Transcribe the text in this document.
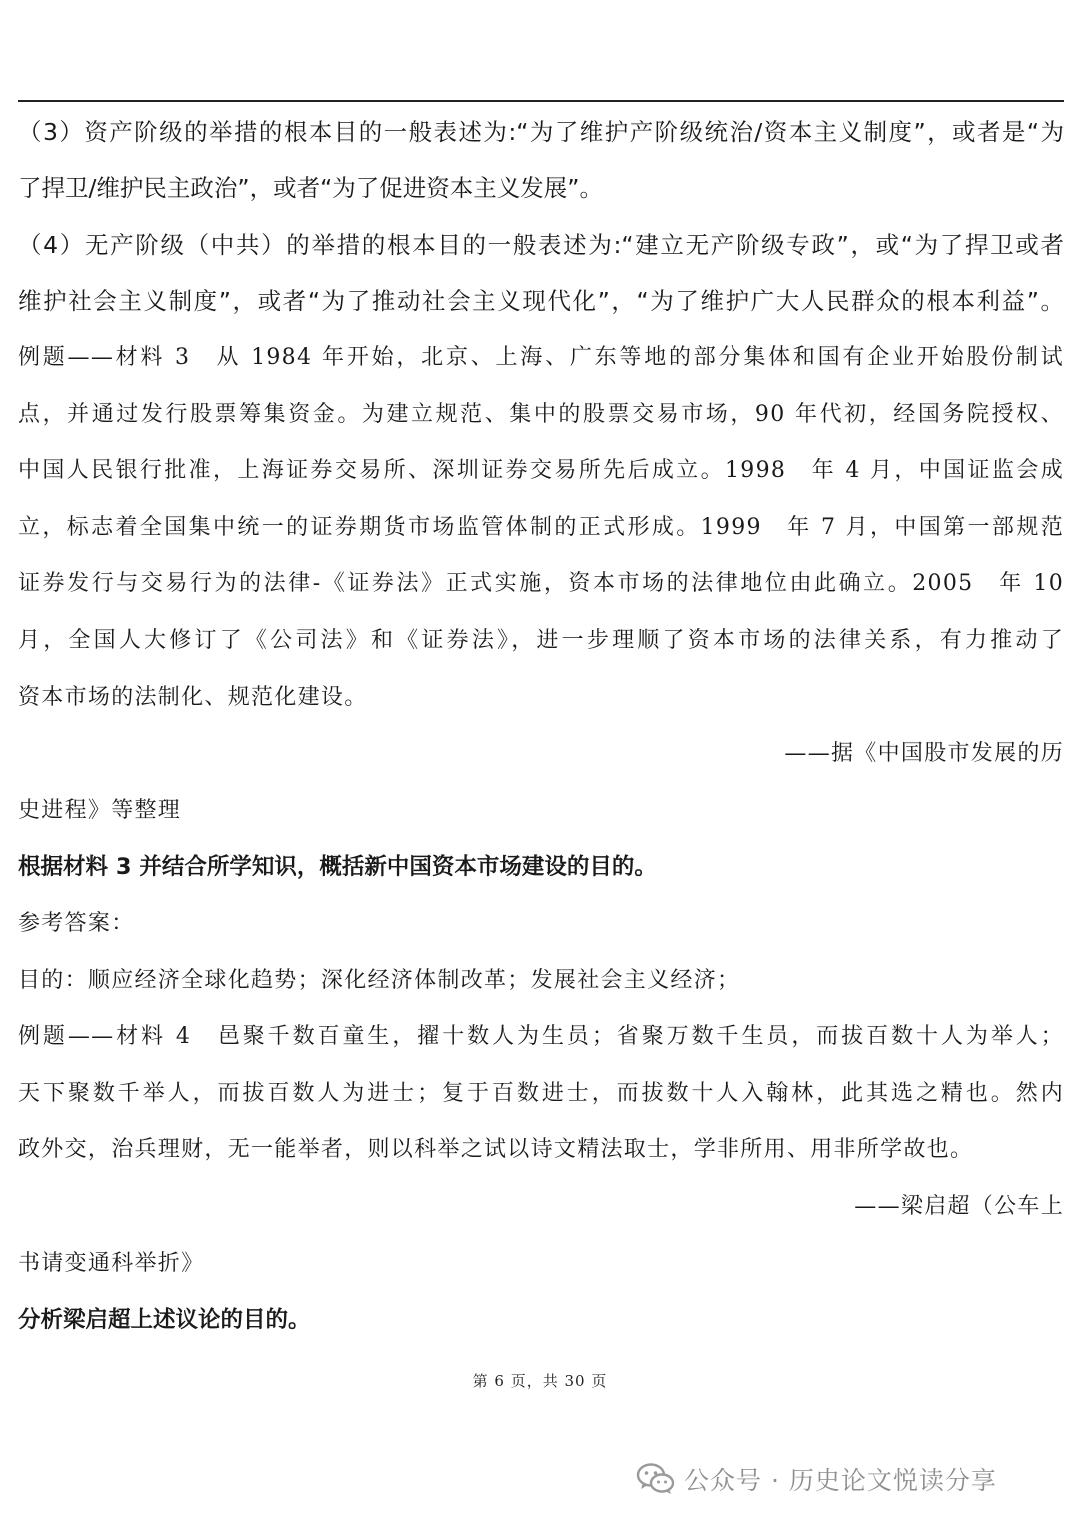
（3）资产阶级的举措的根本目的一般表述为:“为了维护产阶级统治/资本主义制度”，或者是“为
了捍卫/维护民主政治”，或者“为了促进资本主义发展”。
（4）无产阶级（中共）的举措的根本目的一般表述为:“建立无产阶级专政”，或“为了捍卫或者
维护社会主义制度”，或者“为了推动社会主义现代化”，“为了维护广大人民群众的根本利益”。
例题——材料 3　从 1984 年开始，北京、上海、广东等地的部分集体和国有企业开始股份制试
点，并通过发行股票筹集资金。为建立规范、集中的股票交易市场，90 年代初，经国务院授权、
中国人民银行批准，上海证券交易所、深圳证券交易所先后成立。1998　年 4 月，中国证监会成
立，标志着全国集中统一的证券期货市场监管体制的正式形成。1999　年 7 月，中国第一部规范
证券发行与交易行为的法律-《证券法》正式实施，资本市场的法律地位由此确立。2005　年 10
月，全国人大修订了《公司法》和《证券法》，进一步理顺了资本市场的法律关系，有力推动了
资本市场的法制化、规范化建设。
——据《中国股市发展的历
史进程》等整理
根据材料 3 并结合所学知识，概括新中国资本市场建设的目的。
参考答案：
目的：顺应经济全球化趋势；深化经济体制改革；发展社会主义经济；
例题——材料 4　邑聚千数百童生，擢十数人为生员；省聚万数千生员，而拔百数十人为举人；
天下聚数千举人，而拔百数人为进士；复于百数进士，而拔数十人入翰林，此其选之精也。然内
政外交，治兵理财，无一能举者，则以科举之试以诗文精法取士，学非所用、用非所学故也。
——梁启超（公车上
书请变通科举折》
分析梁启超上述议论的目的。
第 6 页，共 30 页
公众号 · 历史论文悦读分享
